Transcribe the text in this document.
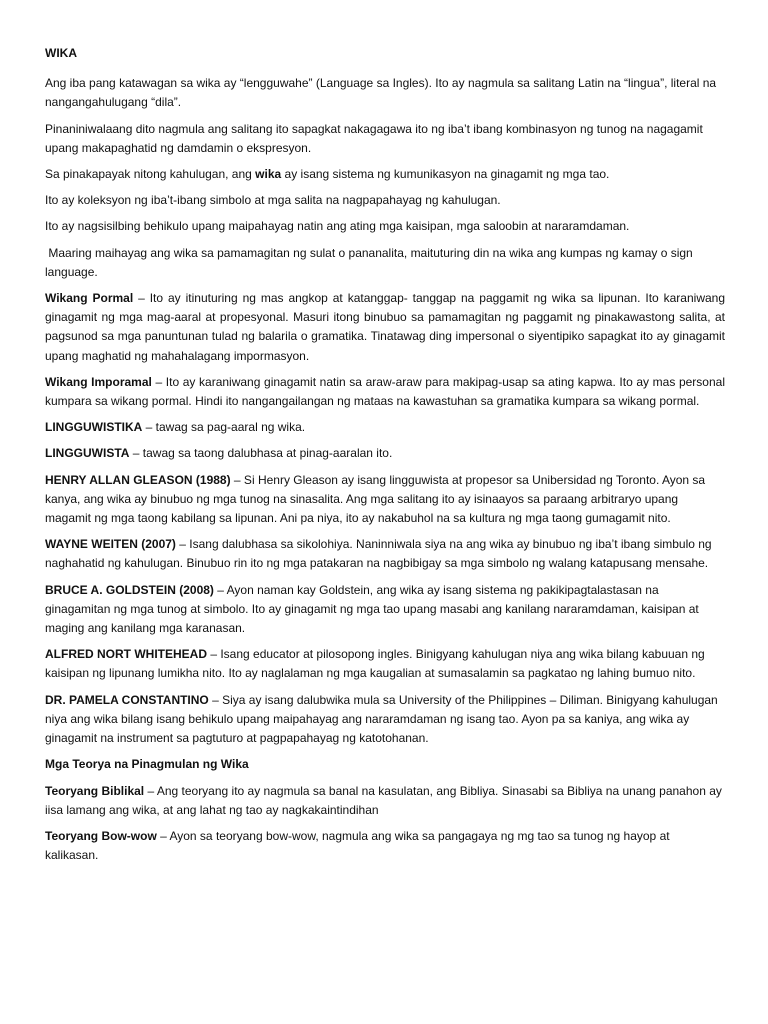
WIKA

Ang iba pang katawagan sa wika ay “lengguwahe” (Language sa Ingles). Ito ay nagmula sa salitang Latin na “lingua”, literal na nangangahulugang “dila”.

Pinaniniwalaang dito nagmula ang salitang ito sapagkat nakagagawa ito ng iba’t ibang kombinasyon ng tunog na nagagamit upang makapaghatid ng damdamin o ekspresyon.

Sa pinakapayak nitong kahulugan, ang wika ay isang sistema ng kumunikasyon na ginagamit ng mga tao.

Ito ay koleksyon ng iba’t-ibang simbolo at mga salita na nagpapahayag ng kahulugan.

Ito ay nagsisilbing behikulo upang maipahayag natin ang ating mga kaisipan, mga saloobin at nararamdaman.

Maaring maihayag ang wika sa pamamagitan ng sulat o pananalita, maituturing din na wika ang kumpas ng kamay o sign language.

Wikang Pormal – Ito ay itinuturing ng mas angkop at katanggap- tanggap na paggamit ng wika sa lipunan. Ito karaniwang ginagamit ng mga mag-aaral at propesyonal. Masuri itong binubuo sa pamamagitan ng paggamit ng pinakawastong salita, at pagsunod sa mga panuntunan tulad ng balarila o gramatika. Tinatawag ding impersonal o siyentipiko sapagkat ito ay ginagamit upang maghatid ng mahahalagang impormasyon.

Wikang Imporamal – Ito ay karaniwang ginagamit natin sa araw-araw para makipag-usap sa ating kapwa. Ito ay mas personal kumpara sa wikang pormal. Hindi ito nangangailangan ng mataas na kawastuhan sa gramatika kumpara sa wikang pormal.

LINGGUWISTIKA – tawag sa pag-aaral ng wika.

LINGGUWISTA – tawag sa taong dalubhasa at pinag-aaralan ito.

HENRY ALLAN GLEASON (1988) – Si Henry Gleason ay isang lingguwista at propesor sa Unibersidad ng Toronto. Ayon sa kanya, ang wika ay binubuo ng mga tunog na sinasalita. Ang mga salitang ito ay isinaayos sa paraang arbitraryo upang magamit ng mga taong kabilang sa lipunan. Ani pa niya, ito ay nakabuhol na sa kultura ng mga taong gumagamit nito.

WAYNE WEITEN (2007) – Isang dalubhasa sa sikolohiya. Naninniwala siya na ang wika ay binubuo ng iba’t ibang simbulo ng naghahatid ng kahulugan. Binubuo rin ito ng mga patakaran na nagbibigay sa mga simbolo ng walang katapusang mensahe.

BRUCE A. GOLDSTEIN (2008) – Ayon naman kay Goldstein, ang wika ay isang sistema ng pakikipagtalastasan na ginagamitan ng mga tunog at simbolo. Ito ay ginagamit ng mga tao upang masabi ang kanilang nararamdaman, kaisipan at maging ang kanilang mga karanasan.

ALFRED NORT WHITEHEAD – Isang educator at pilosopong ingles. Binigyang kahulugan niya ang wika bilang kabuuan ng kaisipan ng lipunang lumikha nito. Ito ay naglalaman ng mga kaugalian at sumasalamin sa pagkatao ng lahing bumuo nito.

DR. PAMELA CONSTANTINO – Siya ay isang dalubwika mula sa University of the Philippines – Diliman. Binigyang kahulugan niya ang wika bilang isang behikulo upang maipahayag ang nararamdaman ng isang tao. Ayon pa sa kaniya, ang wika ay ginagamit na instrument sa pagtuturo at pagpapahayag ng katotohanan.

Mga Teorya na Pinagmulan ng Wika

Teoryang Biblikal – Ang teoryang ito ay nagmula sa banal na kasulatan, ang Bibliya. Sinasabi sa Bibliya na unang panahon ay iisa lamang ang wika, at ang lahat ng tao ay nagkakaintindihan

Teoryang Bow-wow – Ayon sa teoryang bow-wow, nagmula ang wika sa pangagaya ng mg tao sa tunog ng hayop at kalikasan.
